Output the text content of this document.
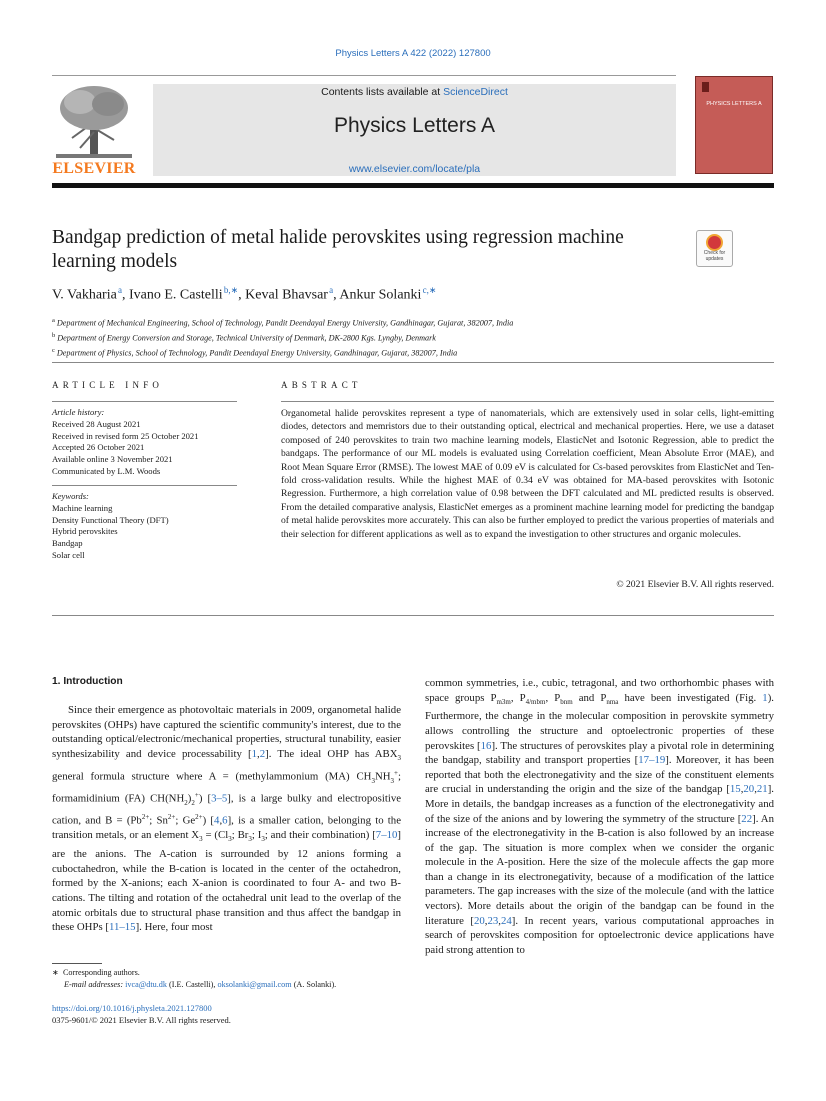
Physics Letters A 422 (2022) 127800
ELSEVIER
Contents lists available at ScienceDirect
Physics Letters A
www.elsevier.com/locate/pla
PHYSICS LETTERS A
Bandgap prediction of metal halide perovskites using regression machine learning models	Check for updates
V. Vakharia $^a$, Ivano E. Castelli $^{b,∗}$, Keval Bhavsar $^a$, Ankur Solanki $^{c,∗}$
$^a$ Department of Mechanical Engineering, School of Technology, Pandit Deendayal Energy University, Gandhinagar, Gujarat, 382007, India
$^b$ Department of Energy Conversion and Storage, Technical University of Denmark, DK-2800 Kgs. Lyngby, Denmark
$^c$ Department of Physics, School of Technology, Pandit Deendayal Energy University, Gandhinagar, Gujarat, 382007, India
ARTICLE INFO	ABSTRACT
Article history:
Received 28 August 2021
Received in revised form 25 October 2021
Accepted 26 October 2021
Available online 3 November 2021
Communicated by L.M. Woods
Keywords:
Machine learning
Density Functional Theory (DFT)
Hybrid perovskites
Bandgap
Solar cell
Organometal halide perovskites represent a type of nanomaterials, which are extensively used in solar cells, light-emitting diodes, detectors and memristors due to their outstanding optical, electrical and mechanical properties. Here, we use a dataset composed of 240 perovskites to train two machine learning models, ElasticNet and Isotonic Regression, able to predict the bandgaps. The performance of our ML models is evaluated using Correlation coefficient, Mean Absolute Error (MAE), and Root Mean Square Error (RMSE). The lowest MAE of 0.09 eV is calculated for Cs-based perovskites from ElasticNet and Ten-fold cross-validation results. While the highest MAE of 0.34 eV was obtained for MA-based perovskites with Isotonic Regression. Furthermore, a high correlation value of 0.98 between the DFT calculated and ML predicted results is observed. From the detailed comparative analysis, ElasticNet emerges as a prominent machine learning model for predicting the bandgap of metal halide perovskites more accurately. This can also be further employed to predict the various properties of materials and their selection for different applications as well as to expand the investigation to other structures and organic molecules.
© 2021 Elsevier B.V. All rights reserved.
1. Introduction
Since their emergence as photovoltaic materials in 2009, organometal halide perovskites (OHPs) have captured the scientific community's interest, due to the outstanding optical/electronic/mechanical properties, structural tunability, easier synthesizability and device processability [1,2]. The ideal OHP has $ABX_3$ general formula structure where A = (methylammonium (MA) $CH_3NH_3^+$; formamidinium (FA) $CH(NH_2)_2^+$) [3–5], is a large bulky and electropositive cation, and $B = (Pb^{2+}$; $Sn^{2+}$; $Ge^{2+}$) [4,6], is a smaller cation, belonging to the transition metals, or an element $X_3 = (Cl_3$; $Br_3$; $I_3$; and their combination) [7–10] are the anions. The A-cation is surrounded by 12 anions forming a cuboctahedron, while the B-cation is located in the center of the octahedron, formed by the X-anions; each X-anion is coordinated to four A- and two B-cations. The tilting and rotation of the octahedral unit lead to the overlap of the atomic orbitals due to structural phase transition and thus affect the bandgap in these OHPs [11–15]. Here, four most
common symmetries, i.e., cubic, tetragonal, and two orthorhombic phases with space groups $P_{m3m}$, $P_{4/mbm}$, $P_{bnm}$ and $P_{nma}$ have been investigated (Fig. 1). Furthermore, the change in the molecular composition in perovskite symmetry allows controlling the structure and optoelectronic properties of these perovskites [16]. The structures of perovskites play a pivotal role in determining the bandgap, stability and transport properties [17–19]. Moreover, it has been reported that both the electronegativity and the size of the constituent elements are crucial in understanding the origin and the size of the bandgap [15,20,21]. More in details, the bandgap increases as a function of the electronegativity and of the size of the anions and by lowering the symmetry of the structure [22]. An increase of the electronegativity in the B-cation is also followed by an increase of the gap. The situation is more complex when we consider the organic molecule in the A-position. Here the size of the molecule affects the gap more than a change in its electronegativity, because of a modification of the lattice parameters. The gap increases with the size of the molecule (and with the lattice vectors). More details about the origin of the bandgap can be found in the literature [20,23,24]. In recent years, various computational approaches in search of perovskites composition for optoelectronic device applications have paid strong attention to
∗ Corresponding authors.
E-mail addresses: ivca@dtu.dk (I.E. Castelli), oksolanki@gmail.com (A. Solanki).
https://doi.org/10.1016/j.physleta.2021.127800
0375-9601/© 2021 Elsevier B.V. All rights reserved.
